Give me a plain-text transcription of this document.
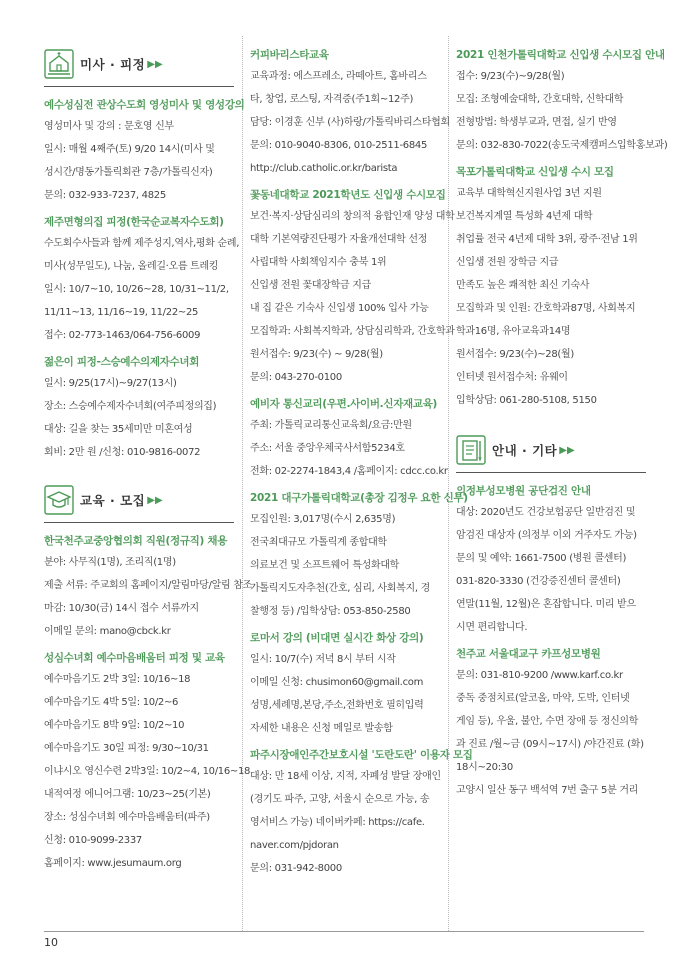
미사 · 피정 ▶▶
예수성심전 관상수도회 영성미사 및 영성강의
영성미사 및 강의 : 문호영 신부
일시: 매월 4째주(토) 9/20 14시(미사 및
성시간/명동가톨릭회관 7층/가톨릭신자)
문의: 032-933-7237, 4825
제주면형의집 피정(한국순교복자수도회)
수도회수사들과 함께 제주성지,역사,평화 순례,
미사(성무일도), 나눔, 올레길·오름 트레킹
일시: 10/7~10, 10/26~28, 10/31~11/2,
11/11~13, 11/16~19, 11/22~25
접수: 02-773-1463/064-756-6009
젊은이 피정-스승예수의제자수녀회
일시: 9/25(17시)~9/27(13시)
장소: 스승예수제자수녀회(여주피정의집)
대상: 길을 찾는 35세미만 미혼여성
회비: 2만 원 /신청: 010-9816-0072
교육 · 모집 ▶▶
한국천주교중앙협의회 직원(정규직) 채용
분야: 사무직(1명), 조리직(1명)
제출 서류: 주교회의 홈페이지/알림마당/알림 참조
마감: 10/30(금) 14시 접수 서류까지
이메일 문의: mano@cbck.kr
성심수녀회 예수마음배움터 피정 및 교육
예수마음기도 2박 3일: 10/16~18
예수마음기도 4박 5일: 10/2~6
예수마음기도 8박 9일: 10/2~10
예수마음기도 30일 피정: 9/30~10/31
이냐시오 영신수련 2박3일: 10/2~4, 10/16~18
내적여정 에니어그램: 10/23~25(기본)
장소: 성심수녀회 예수마음배움터(파주)
신청: 010-9099-2337
홈페이지: www.jesumaum.org
커피바리스타교육
교육과정: 에스프레소, 라떼아트, 홈바리스
타, 창업, 로스팅, 자격증(주1회~12주)
담당: 이경훈 신부 (사)하랑/가톨릭바리스타협회
문의: 010-9040-8306, 010-2511-6845
http://club.catholic.or.kr/barista
꽃동네대학교 2021학년도 신입생 수시모집
보건·복지·상담심리의 창의적 융합인재 양성 대학
대학 기본역량진단평가 자율개선대학 선정
사립대학 사회책임지수 충북 1위
신입생 전원 꽃대장학금 지급
내 집 같은 기숙사 신입생 100% 입사 가능
모집학과: 사회복지학과, 상담심리학과, 간호학과
원서접수: 9/23(수) ~ 9/28(월)
문의: 043-270-0100
예비자 통신교리(우편.사이버.신자재교육)
주최: 가톨릭교리통신교육회/요금:만원
주소: 서울 중앙우체국사서함5234호
전화: 02-2274-1843,4 /홈페이지: cdcc.co.kr
2021 대구가톨릭대학교(총장 김정우 요한 신부)
모집인원: 3,017명(수시 2,635명)
전국최대규모 가톨릭계 종합대학
의료보건 및 소프트웨어 특성화대학
가톨릭지도자추천(간호, 심리, 사회복지, 경
찰행정 등) /입학상담: 053-850-2580
로마서 강의 (비대면 실시간 화상 강의)
일시: 10/7(수) 저녁 8시 부터 시작
이메일 신청: chusimon60@gmail.com
성명,세례명,본당,주소,전화번호 필히입력
자세한 내용은 신청 메일로 발송함
파주시장애인주간보호시설 '도란도란' 이용자 모집
대상: 만 18세 이상, 지적, 자폐성 발달 장애인
(경기도 파주, 고양, 서울시 순으로 가능, 송
영서비스 가능) 네이버카페: https://cafe.
naver.com/pjdoran
문의: 031-942-8000
2021 인천가톨릭대학교 신입생 수시모집 안내
접수: 9/23(수)~9/28(월)
모집: 조형예술대학, 간호대학, 신학대학
전형방법: 학생부교과, 면접, 실기 반영
문의: 032-830-7022(송도국제캠퍼스입학홍보과)
목포가톨릭대학교 신입생 수시 모집
교육부 대학혁신지원사업 3년 지원
보건복지계열 특성화 4년제 대학
취업률 전국 4년제 대학 3위, 광주·전남 1위
신입생 전원 장학금 지급
만족도 높은 쾌적한 최신 기숙사
모집학과 및 인원: 간호학과87명, 사회복지
학과16명, 유아교육과14명
원서접수: 9/23(수)~28(월)
인터넷 원서접수처: 유웨이
입학상담: 061-280-5108, 5150
안내 · 기타 ▶▶
의정부성모병원 공단검진 안내
대상: 2020년도 건강보험공단 일반검진 및
암검진 대상자 (의정부 이외 거주자도 가능)
문의 및 예약: 1661-7500 (병원 콜센터)
031-820-3330 (건강증진센터 콜센터)
연말(11월, 12월)은 혼잡합니다. 미리 받으
시면 편리합니다.
천주교 서울대교구 카프성모병원
문의: 031-810-9200 /www.karf.co.kr
중독 중점치료(알코올, 마약, 도박, 인터넷
게임 등), 우울, 불안, 수면 장애 등 정신의학
과 진료 /월~금 (09시~17시) /야간진료 (화)
18시~20:30
고양시 일산 동구 백석역 7번 출구 5분 거리
10
